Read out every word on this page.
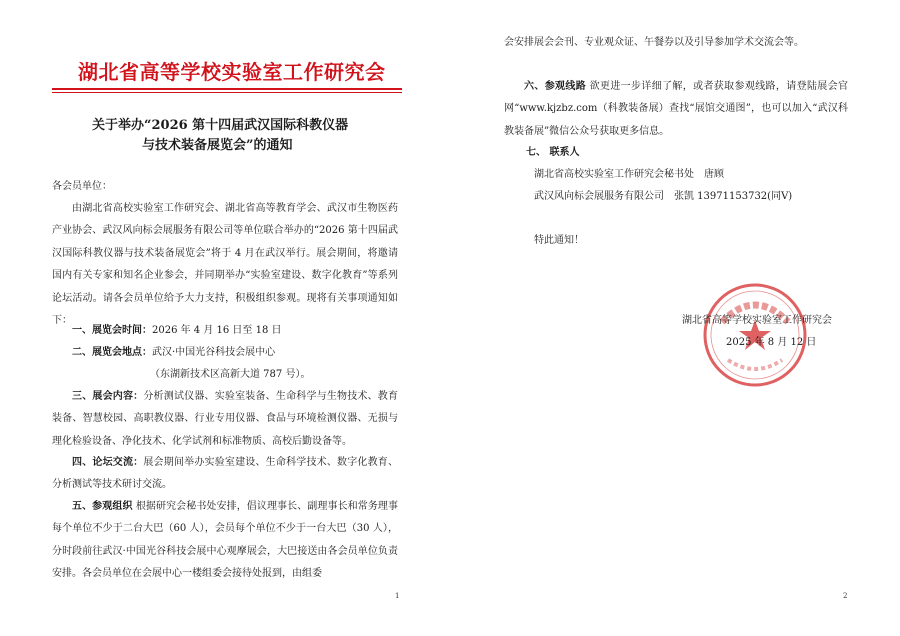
湖北省高等学校实验室工作研究会
关于举办“2026 第十四届武汉国际科教仪器
与技术装备展览会”的通知

各会员单位：

由湖北省高校实验室工作研究会、湖北省高等教育学会、武汉市生物医药产业协会、武汉风向标会展服务有限公司等单位联合举办的“2026 第十四届武汉国际科教仪器与技术装备展览会”将于 4 月在武汉举行。展会期间，将邀请国内有关专家和知名企业参会，并同期举办“实验室建设、数字化教育”等系列论坛活动。请各会员单位给予大力支持，积极组织参观。现将有关事项通知如下：

一、展览会时间：2026 年 4 月 16 日至 18 日

二、展览会地点：武汉·中国光谷科技会展中心

（东湖新技术区高新大道 787 号）。

三、展会内容：分析测试仪器、实验室装备、生命科学与生物技术、教育装备、智慧校园、高职教仪器、行业专用仪器、食品与环境检测仪器、无损与理化检验设备、净化技术、化学试剂和标准物质、高校后勤设备等。

四、论坛交流：展会期间举办实验室建设、生命科学技术、数字化教育、分析测试等技术研讨交流。

五、参观组织 根据研究会秘书处安排，倡议理事长、副理事长和常务理事每个单位不少于二台大巴（60 人），会员每个单位不少于一台大巴（30 人），分时段前往武汉·中国光谷科技会展中心观摩展会，大巴接送由各会员单位负责安排。各会员单位在会展中心一楼组委会接待处报到，由组委

1

会安排展会会刊、专业观众证、午餐券以及引导参加学术交流会等。

六、参观线路 欲更进一步详细了解，或者获取参观线路，请登陆展会官网“www.kjzbz.com（科教装备展）查找“展馆交通图”，也可以加入“武汉科教装备展”微信公众号获取更多信息。

七、 联系人

湖北省高校实验室工作研究会秘书处　唐顾

武汉风向标会展服务有限公司　张凯 13971153732(同V)

特此通知！

湖北省高等学校实验室工作研究会

2025 年 8 月 12 日

2
